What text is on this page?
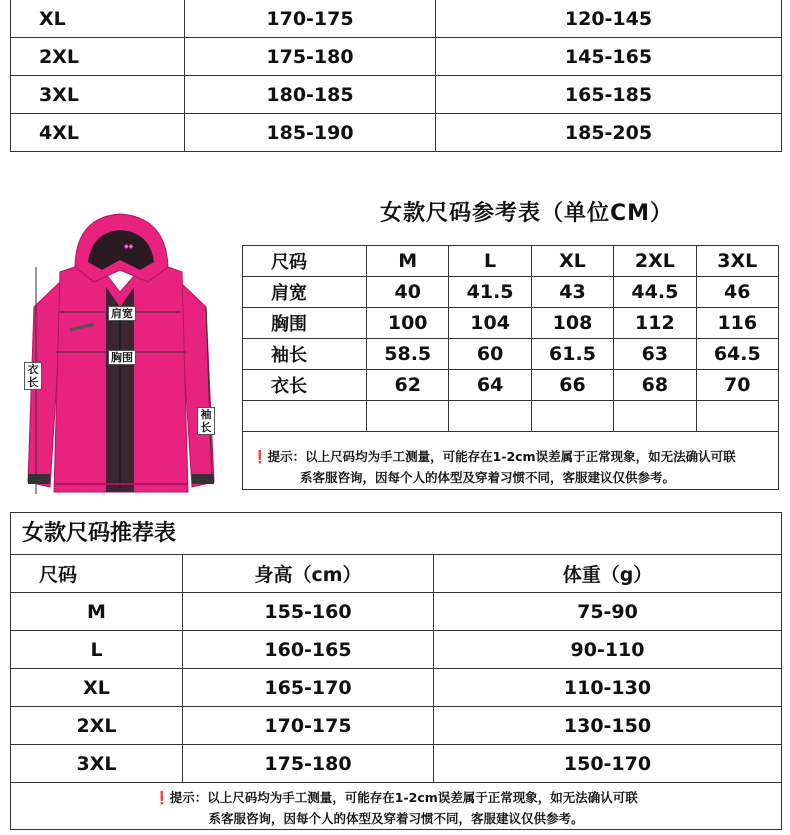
XL	170-175	120-145
2XL	175-180	145-165
3XL	180-185	165-185
4XL	185-190	185-205
女款尺码参考表（单位CM）
◆◆
肩宽
胸围
衣长
袖长
尺码	M	L	XL	2XL	3XL
肩宽	40	41.5	43	44.5	46
胸围	100	104	108	112	116
袖长	58.5	60	61.5	63	64.5
衣长	62	64	66	68	70

❗提示：以上尺码均为手工测量，可能存在1-2cm误差属于正常现象，如无法确认可联
系客服咨询，因每个人的体型及穿着习惯不同，客服建议仅供参考。
女款尺码推荐表
尺码	身高（cm）	体重（g）
M	155-160	75-90
L	160-165	90-110
XL	165-170	110-130
2XL	170-175	130-150
3XL	175-180	150-170
❗提示：以上尺码均为手工测量，可能存在1-2cm误差属于正常现象，如无法确认可联
系客服咨询，因每个人的体型及穿着习惯不同，客服建议仅供参考。
